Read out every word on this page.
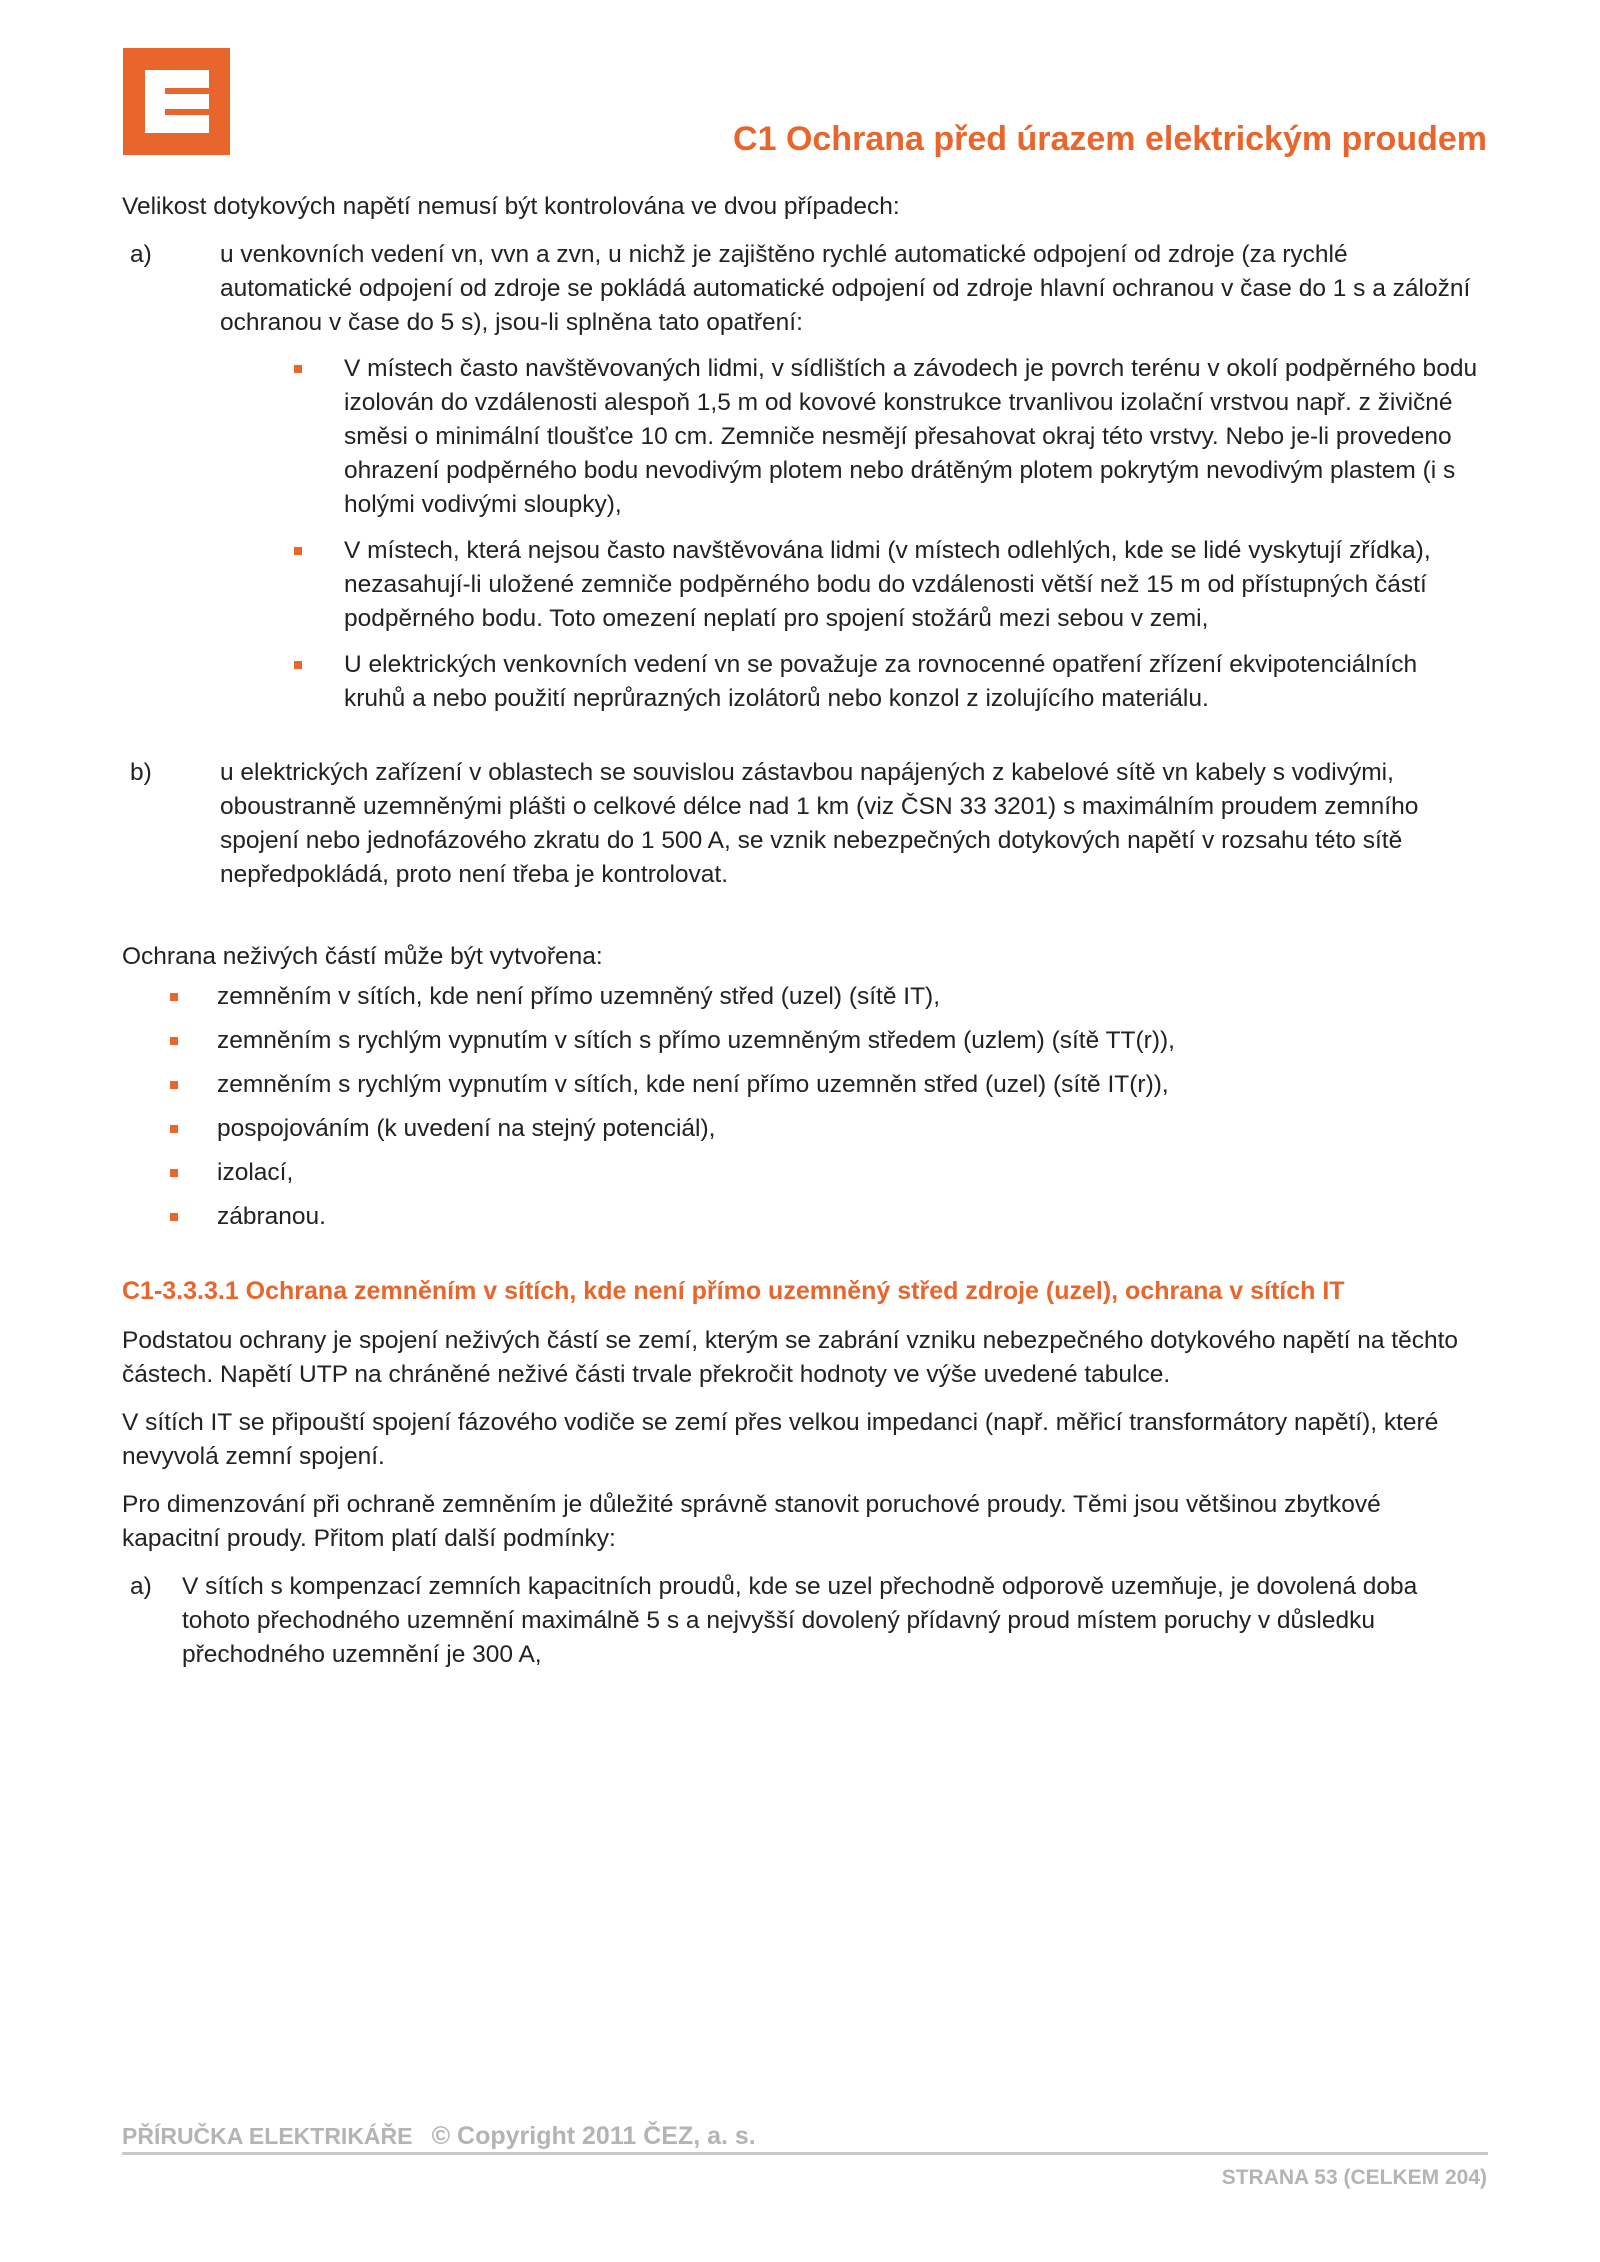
C1 Ochrana před úrazem elektrickým proudem

Velikost dotykových napětí nemusí být kontrolována ve dvou případech:

a)	u venkovních vedení vn, vvn a zvn, u nichž je zajištěno rychlé automatické odpojení od zdroje (za rychlé automatické odpojení od zdroje se pokládá automatické odpojení od zdroje hlavní ochranou v čase do 1 s a záložní ochranou v čase do 5 s), jsou-li splněna tato opatření:
V místech často navštěvovaných lidmi, v sídlištích a závodech je povrch terénu v okolí podpěrného bodu izolován do vzdálenosti alespoň 1,5 m od kovové konstrukce trvanlivou izolační vrstvou např. z živičné směsi o minimální tloušťce 10 cm. Zemniče nesmějí přesahovat okraj této vrstvy. Nebo je-li provedeno ohrazení podpěrného bodu nevodivým plotem nebo drátěným plotem pokrytým nevodivým plastem (i s holými vodivými sloupky),
V místech, která nejsou často navštěvována lidmi (v místech odlehlých, kde se lidé vyskytují zřídka), nezasahují-li uložené zemniče podpěrného bodu do vzdálenosti větší než 15 m od přístupných částí podpěrného bodu. Toto omezení neplatí pro spojení stožárů mezi sebou v zemi,
U elektrických venkovních vedení vn se považuje za rovnocenné opatření zřízení ekvipotenciálních kruhů a nebo použití neprůrazných izolátorů nebo konzol z izolujícího materiálu.
b)	u elektrických zařízení v oblastech se souvislou zástavbou napájených z kabelové sítě vn kabely s vodivými, oboustranně uzemněnými plášti o celkové délce nad 1 km (viz ČSN 33 3201) s maximálním proudem zemního spojení nebo jednofázového zkratu do 1 500 A, se vznik nebezpečných dotykových napětí v rozsahu této sítě nepředpokládá, proto není třeba je kontrolovat.

Ochrana neživých částí může být vytvořena:

zemněním v sítích, kde není přímo uzemněný střed (uzel) (sítě IT),
zemněním s rychlým vypnutím v sítích s přímo uzemněným středem (uzlem) (sítě TT(r)),
zemněním s rychlým vypnutím v sítích, kde není přímo uzemněn střed (uzel) (sítě IT(r)),
pospojováním (k uvedení na stejný potenciál),
izolací,
zábranou.
C1-3.3.3.1 Ochrana zemněním v sítích, kde není přímo uzemněný střed zdroje (uzel), ochrana v sítích IT

Podstatou ochrany je spojení neživých částí se zemí, kterým se zabrání vzniku nebezpečného dotykového napětí na těchto částech. Napětí UTP na chráněné neživé části trvale překročit hodnoty ve výše uvedené tabulce.

V sítích IT se připouští spojení fázového vodiče se zemí přes velkou impedanci (např. měřicí transformátory napětí), které nevyvolá zemní spojení.

Pro dimenzování při ochraně zemněním je důležité správně stanovit poruchové proudy. Těmi jsou většinou zbytkové kapacitní proudy. Přitom platí další podmínky:

a)	V sítích s kompenzací zemních kapacitních proudů, kde se uzel přechodně odporově uzemňuje, je dovolená doba tohoto přechodného uzemnění maximálně 5 s a nejvyšší dovolený přídavný proud místem poruchy v důsledku přechodného uzemnění je 300 A,
PŘÍRUČKA ELEKTRIKÁŘE © Copyright 2011 ČEZ, a. s.
STRANA 53 (CELKEM 204)
